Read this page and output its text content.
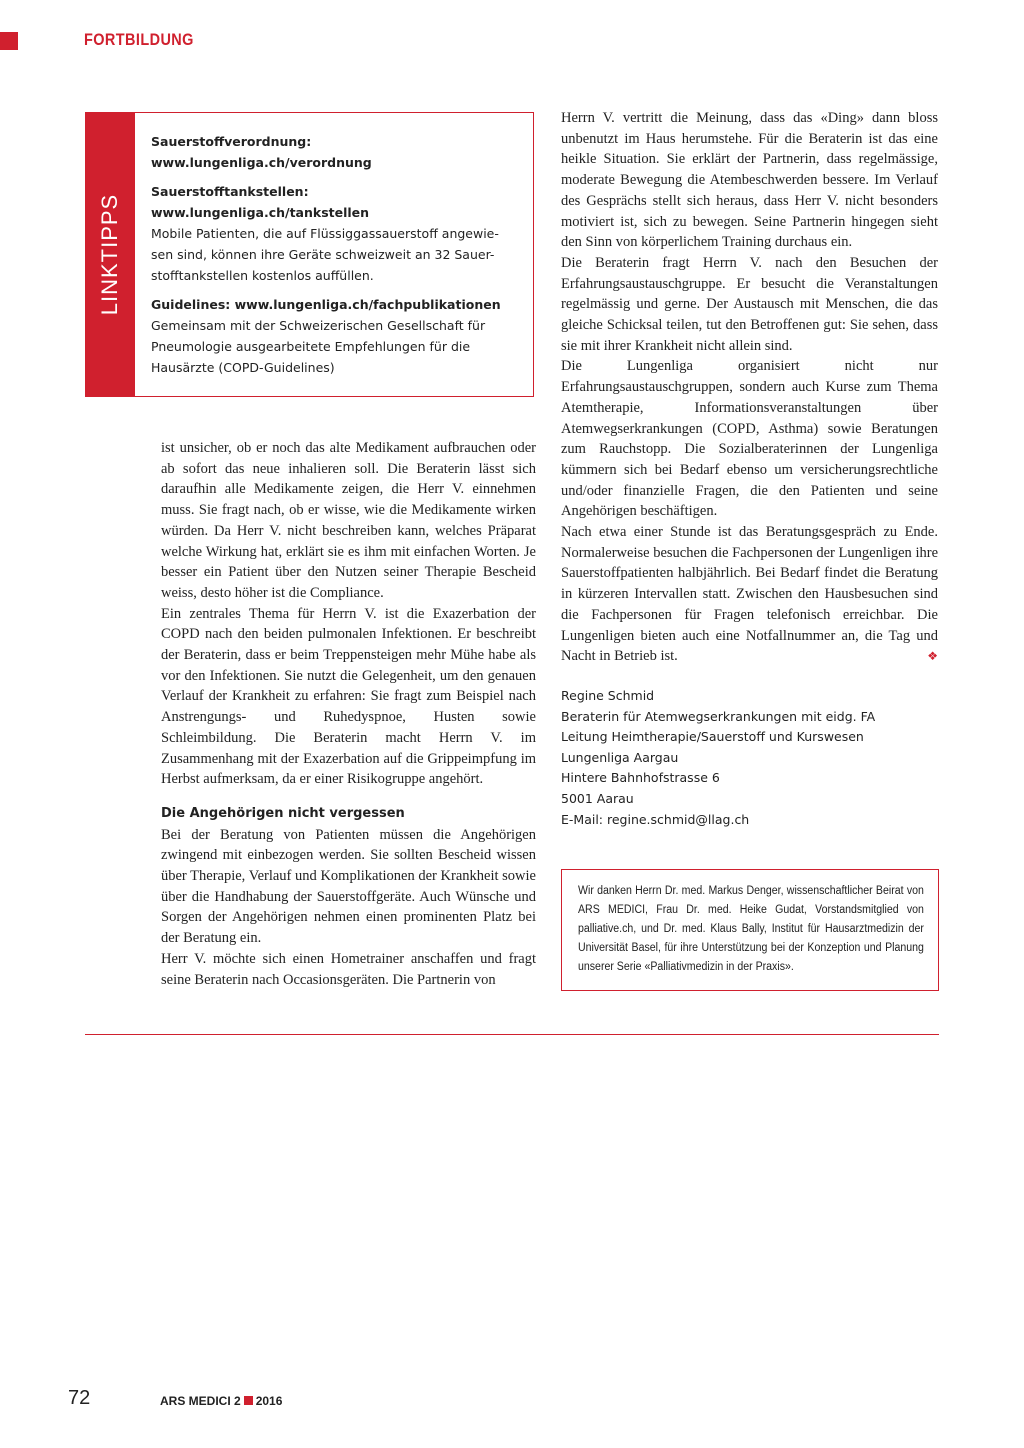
FORTBILDUNG
LINKTIPPS
Sauerstoffverordnung:
www.lungenliga.ch/verordnung
Sauerstofftankstellen:
www.lungenliga.ch/tankstellen
Mobile Patienten, die auf Flüssiggassauerstoff angewie-
sen sind, können ihre Geräte schweizweit an 32 Sauer-
stofftankstellen kostenlos auffüllen.
Guidelines: www.lungenliga.ch/fachpublikationen
Gemeinsam mit der Schweizerischen Gesellschaft für
Pneumologie ausgearbeitete Empfehlungen für die
Hausärzte (COPD-Guidelines)

ist unsicher, ob er noch das alte Medikament aufbrauchen oder ab sofort das neue inhalieren soll. Die Beraterin lässt sich daraufhin alle Medikamente zeigen, die Herr V. einnehmen muss. Sie fragt nach, ob er wisse, wie die Medikamente wirken würden. Da Herr V. nicht beschreiben kann, welches Präparat welche Wirkung hat, erklärt sie es ihm mit einfachen Worten. Je besser ein Patient über den Nutzen seiner Therapie Bescheid weiss, desto höher ist die Compliance.

Ein zentrales Thema für Herrn V. ist die Exazerbation der COPD nach den beiden pulmonalen Infektionen. Er beschreibt der Beraterin, dass er beim Treppensteigen mehr Mühe habe als vor den Infektionen. Sie nutzt die Gelegenheit, um den genauen Verlauf der Krankheit zu erfahren: Sie fragt zum Beispiel nach Anstrengungs- und Ruhedyspnoe, Husten sowie Schleimbildung. Die Beraterin macht Herrn V. im Zusammenhang mit der Exazerbation auf die Grippeimpfung im Herbst aufmerksam, da er einer Risikogruppe angehört.

Die Angehörigen nicht vergessen

Bei der Beratung von Patienten müssen die Angehörigen zwingend mit einbezogen werden. Sie sollten Bescheid wissen über Therapie, Verlauf und Komplikationen der Krankheit sowie über die Handhabung der Sauerstoffgeräte. Auch Wünsche und Sorgen der Angehörigen nehmen einen prominenten Platz bei der Beratung ein.

Herr V. möchte sich einen Hometrainer anschaffen und fragt seine Beraterin nach Occasionsgeräten. Die Partnerin von

Herrn V. vertritt die Meinung, dass das «Ding» dann bloss unbenutzt im Haus herumstehe. Für die Beraterin ist das eine heikle Situation. Sie erklärt der Partnerin, dass regelmässige, moderate Bewegung die Atembeschwerden bessere. Im Verlauf des Gesprächs stellt sich heraus, dass Herr V. nicht besonders motiviert ist, sich zu bewegen. Seine Partnerin hingegen sieht den Sinn von körperlichem Training durchaus ein.

Die Beraterin fragt Herrn V. nach den Besuchen der Erfahrungsaustauschgruppe. Er besucht die Veranstaltungen regelmässig und gerne. Der Austausch mit Menschen, die das gleiche Schicksal teilen, tut den Betroffenen gut: Sie sehen, dass sie mit ihrer Krankheit nicht allein sind.

Die Lungenliga organisiert nicht nur Erfahrungsaustauschgruppen, sondern auch Kurse zum Thema Atemtherapie, Informationsveranstaltungen über Atemwegserkrankungen (COPD, Asthma) sowie Beratungen zum Rauchstopp. Die Sozialberaterinnen der Lungenliga kümmern sich bei Bedarf ebenso um versicherungsrechtliche und/oder finanzielle Fragen, die den Patienten und seine Angehörigen beschäftigen.

Nach etwa einer Stunde ist das Beratungsgespräch zu Ende. Normalerweise besuchen die Fachpersonen der Lungenligen ihre Sauerstoffpatienten halbjährlich. Bei Bedarf findet die Beratung in kürzeren Intervallen statt. Zwischen den Hausbesuchen sind die Fachpersonen für Fragen telefonisch erreichbar. Die Lungenligen bieten auch eine Notfallnummer an, die Tag und Nacht in Betrieb ist.	❖

Regine Schmid
Beraterin für Atemwegserkrankungen mit eidg. FA
Leitung Heimtherapie/Sauerstoff und Kurswesen
Lungenliga Aargau
Hintere Bahnhofstrasse 6
5001 Aarau
E-Mail: regine.schmid@llag.ch
Wir danken Herrn Dr. med. Markus Denger, wissenschaftlicher Beirat von ARS MEDICI, Frau Dr. med. Heike Gudat, Vorstandsmitglied von palliative.ch, und Dr. med. Klaus Bally, Institut für Hausarztmedizin der Universität Basel, für ihre Unterstützung bei der Konzeption und Planung unserer Serie «Palliativmedizin in der Praxis».
72	ARS MEDICI 2 2016
